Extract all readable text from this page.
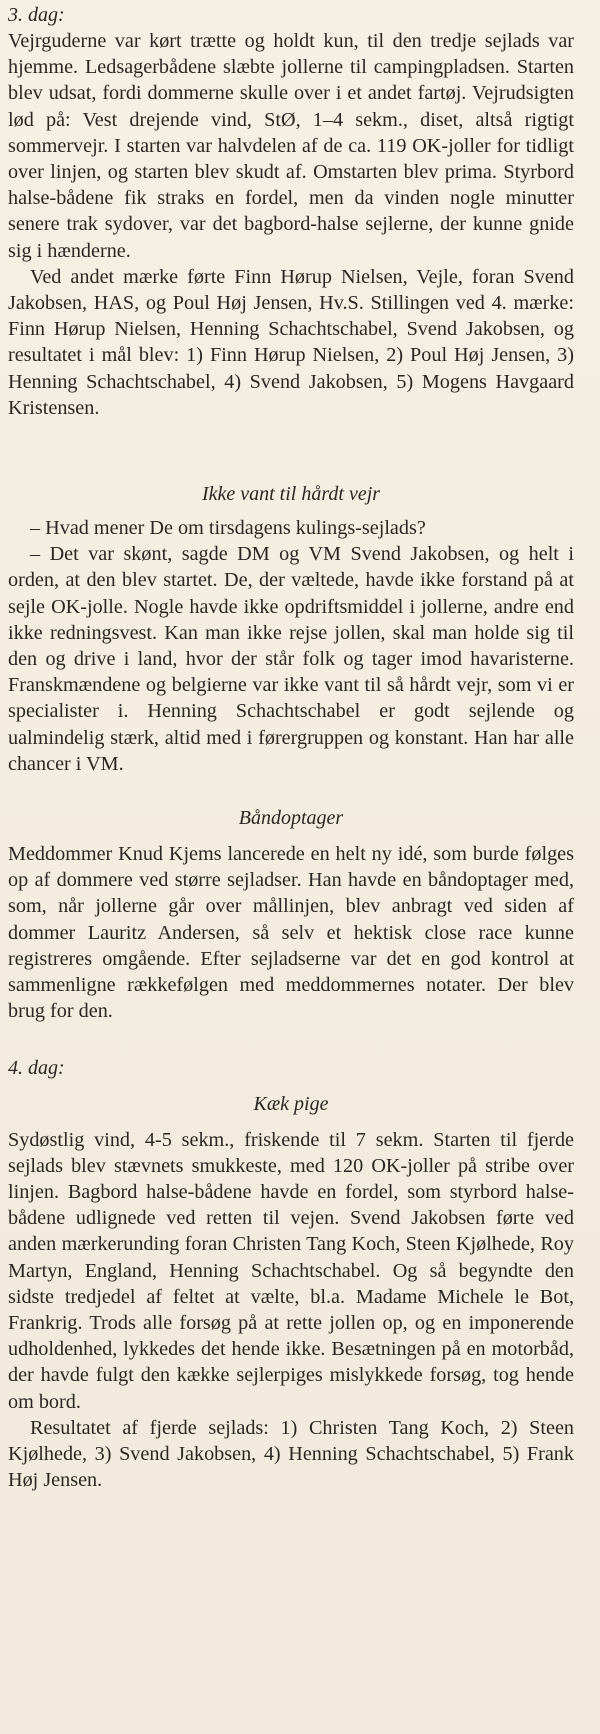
3. dag:

Vejrguderne var kørt trætte og holdt kun, til den tredje sejlads var hjemme. Ledsagerbådene slæbte jollerne til campingpladsen. Starten blev udsat, fordi dommerne skulle over i et andet fartøj. Vejrudsigten lød på: Vest drejende vind, StØ, 1–4 sekm., diset, altså rigtigt sommervejr. I starten var halvdelen af de ca. 119 OK-joller for tidligt over linjen, og starten blev skudt af. Omstarten blev prima. Styrbord halse-bådene fik straks en fordel, men da vinden nogle minutter senere trak sydover, var det bagbord-halse sejlerne, der kunne gnide sig i hænderne.

Ved andet mærke førte Finn Hørup Nielsen, Vejle, foran Svend Jakobsen, HAS, og Poul Høj Jensen, Hv.S. Stillingen ved 4. mærke: Finn Hørup Nielsen, Henning Schachtschabel, Svend Jakobsen, og resultatet i mål blev: 1) Finn Hørup Nielsen, 2) Poul Høj Jensen, 3) Henning Schachtschabel, 4) Svend Jakobsen, 5) Mogens Havgaard Kristensen.

Ikke vant til hårdt vejr

– Hvad mener De om tirsdagens kulings-sejlads?

– Det var skønt, sagde DM og VM Svend Jakobsen, og helt i orden, at den blev startet. De, der væltede, havde ikke forstand på at sejle OK-jolle. Nogle havde ikke opdriftsmiddel i jollerne, andre end ikke redningsvest. Kan man ikke rejse jollen, skal man holde sig til den og drive i land, hvor der står folk og tager imod havaristerne. Franskmændene og belgierne var ikke vant til så hårdt vejr, som vi er specialister i. Henning Schachtschabel er godt sejlende og ualmindelig stærk, altid med i førergruppen og konstant. Han har alle chancer i VM.

Båndoptager

Meddommer Knud Kjems lancerede en helt ny idé, som burde følges op af dommere ved større sejladser. Han havde en båndoptager med, som, når jollerne går over mållinjen, blev anbragt ved siden af dommer Lauritz Andersen, så selv et hektisk close race kunne registreres omgående. Efter sejladserne var det en god kontrol at sammenligne rækkefølgen med meddommernes notater. Der blev brug for den.

4. dag:

Kæk pige

Sydøstlig vind, 4-5 sekm., friskende til 7 sekm. Starten til fjerde sejlads blev stævnets smukkeste, med 120 OK-joller på stribe over linjen. Bagbord halse-bådene havde en fordel, som styrbord halse-bådene udlignede ved retten til vejen. Svend Jakobsen førte ved anden mærkerunding foran Christen Tang Koch, Steen Kjølhede, Roy Martyn, England, Henning Schachtschabel. Og så begyndte den sidste tredjedel af feltet at vælte, bl.a. Madame Michele le Bot, Frankrig. Trods alle forsøg på at rette jollen op, og en imponerende udholdenhed, lykkedes det hende ikke. Besætningen på en motorbåd, der havde fulgt den kække sejlerpiges mislykkede forsøg, tog hende om bord.

Resultatet af fjerde sejlads: 1) Christen Tang Koch, 2) Steen Kjølhede, 3) Svend Jakobsen, 4) Henning Schachtschabel, 5) Frank Høj Jensen.
